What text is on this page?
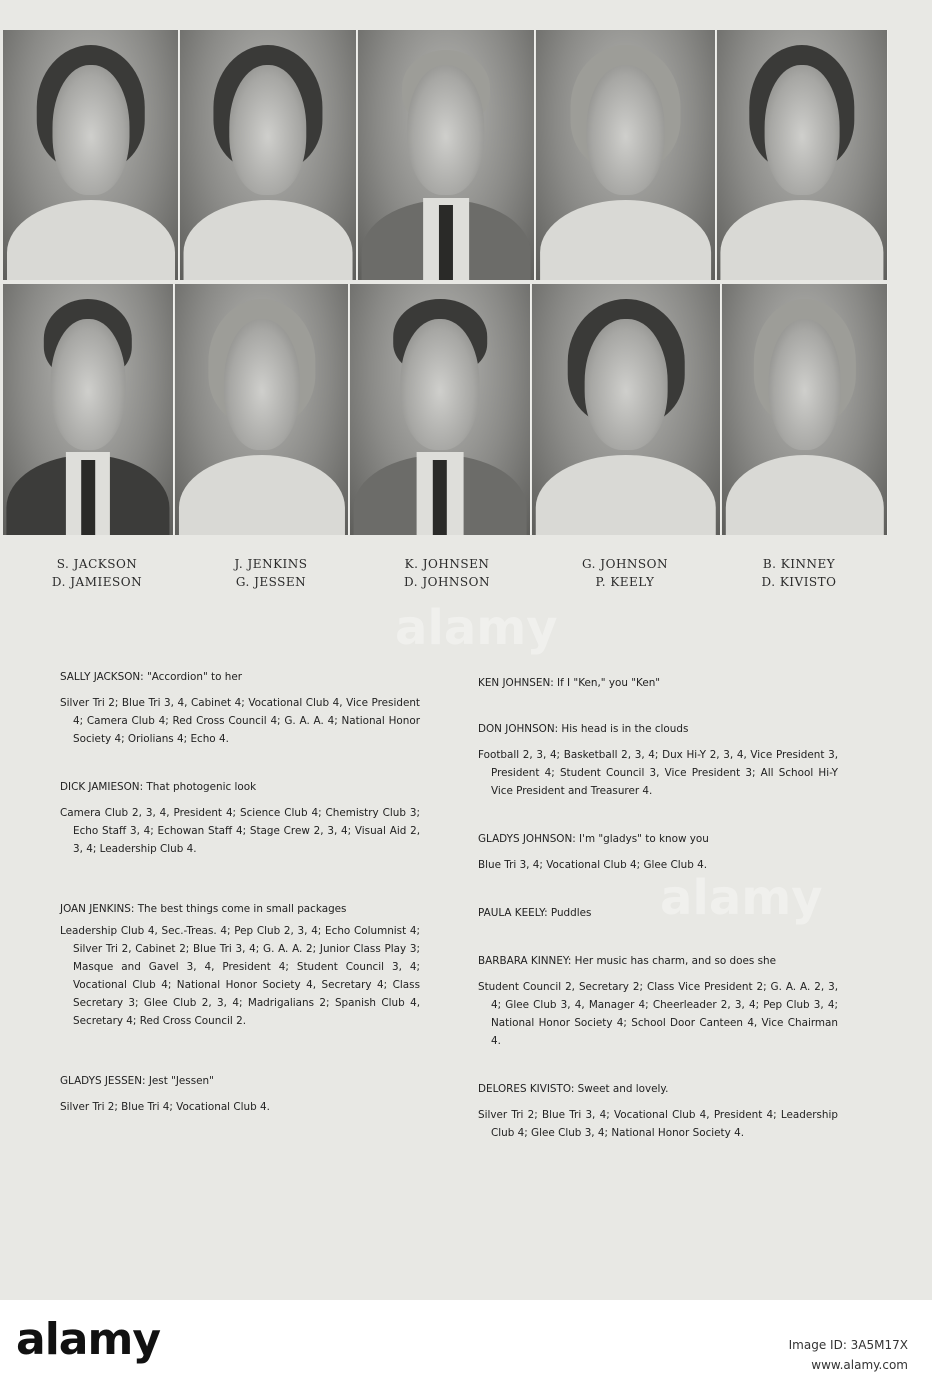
S. JACKSON
D. JAMIESON
J. JENKINS
G. JESSEN
K. JOHNSEN
D. JOHNSON
G. JOHNSON
P. KEELY
B. KINNEY
D. KIVISTO
alamy
alamy
SALLY JACKSON: "Accordion" to her
Silver Tri 2; Blue Tri 3, 4, Cabinet 4; Vocational Club 4, Vice President 4; Camera Club 4; Red Cross Council 4; G. A. A. 4; National Honor Society 4; Oriolians 4; Echo 4.
DICK JAMIESON: That photogenic look
Camera Club 2, 3, 4, President 4; Science Club 4; Chemistry Club 3; Echo Staff 3, 4; Echowan Staff 4; Stage Crew 2, 3, 4; Visual Aid 2, 3, 4; Leadership Club 4.
JOAN JENKINS: The best things come in small packages
Leadership Club 4, Sec.-Treas. 4; Pep Club 2, 3, 4; Echo Columnist 4; Silver Tri 2, Cabinet 2; Blue Tri 3, 4; G. A. A. 2; Junior Class Play 3; Masque and Gavel 3, 4, President 4; Student Council 3, 4; Vocational Club 4; National Honor Society 4, Secretary 4; Class Secretary 3; Glee Club 2, 3, 4; Madrigalians 2; Spanish Club 4, Secretary 4; Red Cross Council 2.
GLADYS JESSEN: Jest "Jessen"
Silver Tri 2; Blue Tri 4; Vocational Club 4.
KEN JOHNSEN: If I "Ken," you "Ken"
DON JOHNSON: His head is in the clouds
Football 2, 3, 4; Basketball 2, 3, 4; Dux Hi-Y 2, 3, 4, Vice President 3, President 4; Student Council 3, Vice President 3; All School Hi-Y Vice President and Treasurer 4.
GLADYS JOHNSON: I'm "gladys" to know you
Blue Tri 3, 4; Vocational Club 4; Glee Club 4.
PAULA KEELY: Puddles
BARBARA KINNEY: Her music has charm, and so does she
Student Council 2, Secretary 2; Class Vice President 2; G. A. A. 2, 3, 4; Glee Club 3, 4, Manager 4; Cheerleader 2, 3, 4; Pep Club 3, 4; National Honor Society 4; School Door Canteen 4, Vice Chairman 4.
DELORES KIVISTO: Sweet and lovely.
Silver Tri 2; Blue Tri 3, 4; Vocational Club 4, President 4; Leadership Club 4; Glee Club 3, 4; National Honor Society 4.
alamy	Image ID: 3A5M17X
www.alamy.com
